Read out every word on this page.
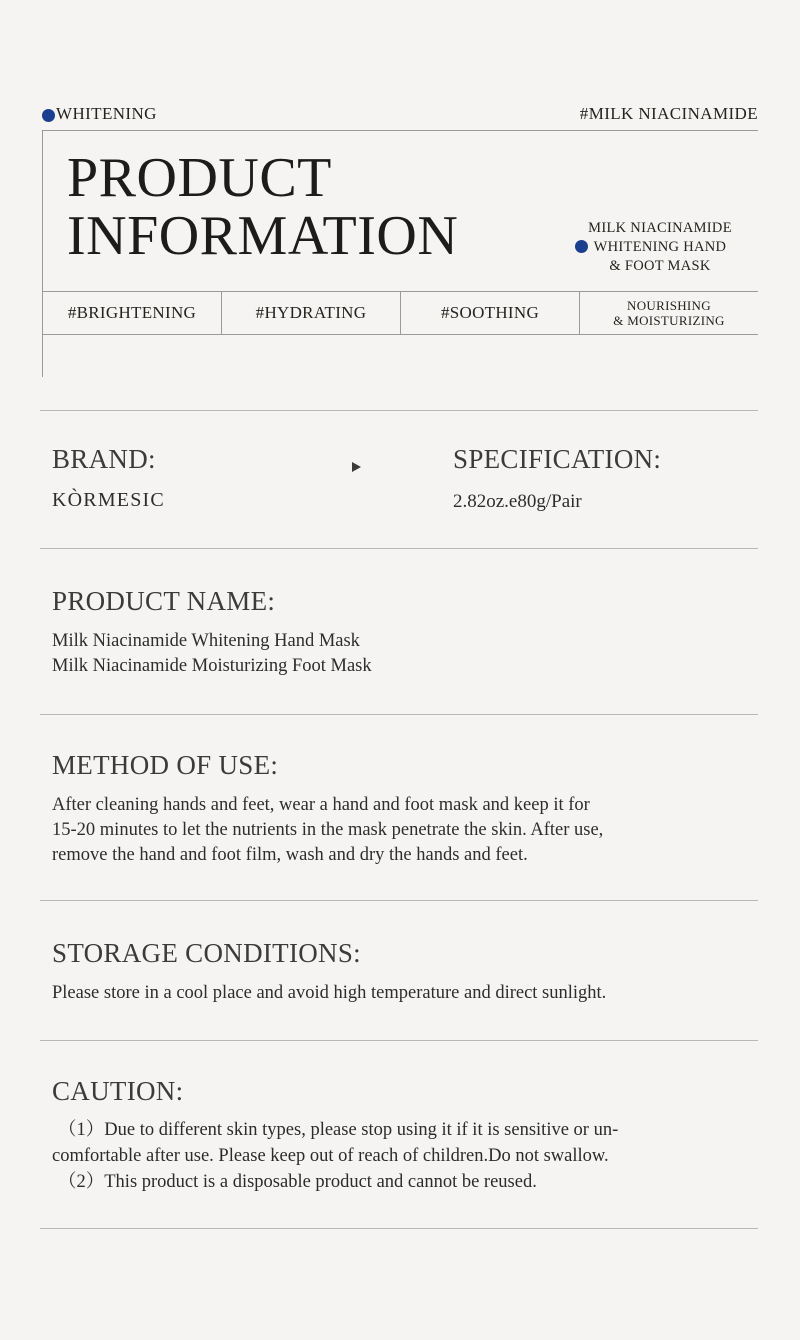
WHITENING	#MILK NIACINAMIDE
PRODUCT
INFORMATION	MILK NIACINAMIDE
WHITENING HAND
& FOOT MASK
#BRIGHTENING	#HYDRATING	#SOOTHING	NOURISHING
& MOISTURIZING
BRAND:
KÒRMESIC
SPECIFICATION:
2.82oz.e80g/Pair
PRODUCT NAME:

Milk Niacinamide Whitening Hand Mask

Milk Niacinamide Moisturizing Foot Mask

METHOD OF USE:

After cleaning hands and feet, wear a hand and foot mask and keep it for

15-20 minutes to let the nutrients in the mask penetrate the skin. After use,

remove the hand and foot film, wash and dry the hands and feet.

STORAGE CONDITIONS:

Please store in a cool place and avoid high temperature and direct sunlight.

CAUTION:
（1）Due to different skin types, please stop using it if it is sensitive or un-
comfortable after use. Please keep out of reach of children.Do not swallow.
（2）This product is a disposable product and cannot be reused.
